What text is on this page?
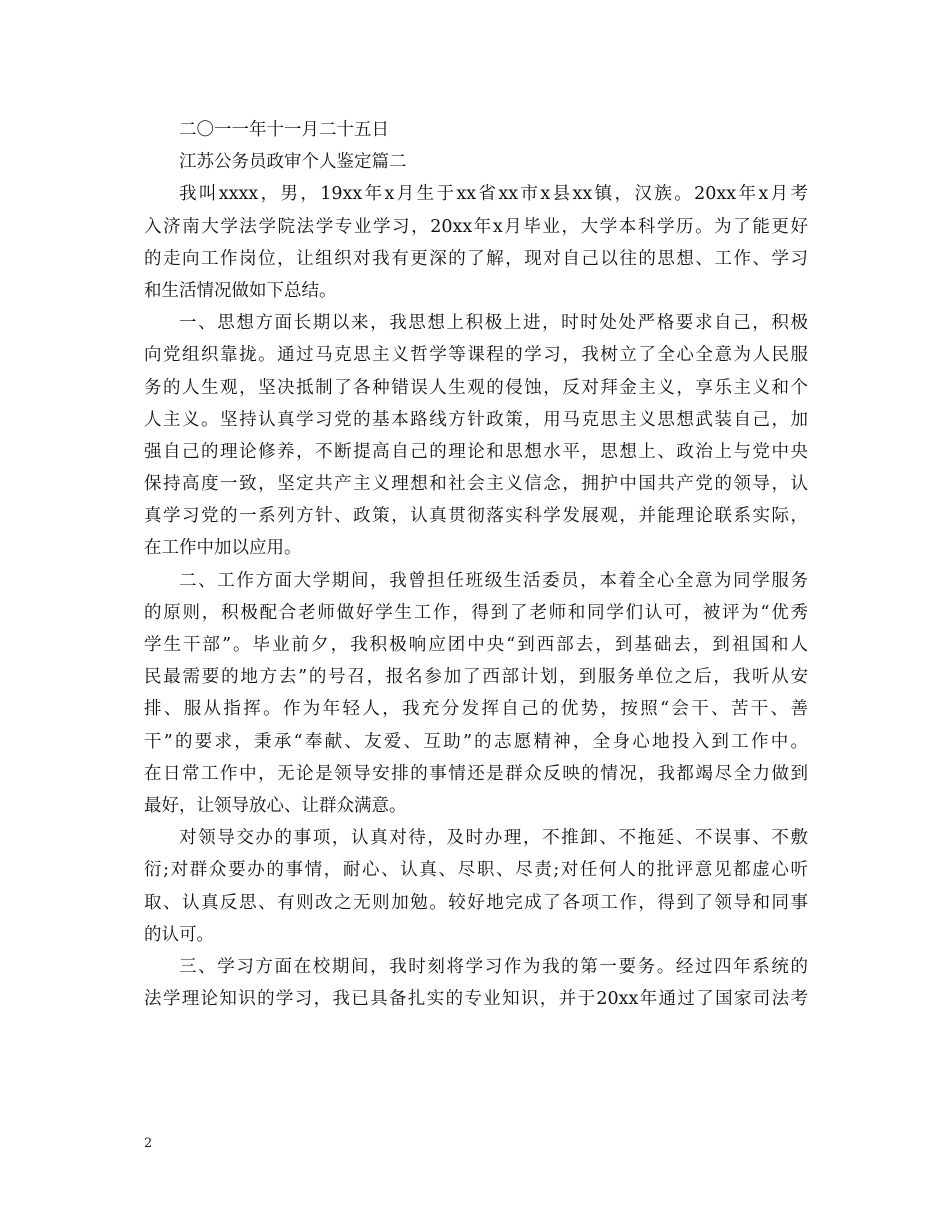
二〇一一年十一月二十五日

江苏公务员政审个人鉴定篇二

我叫xxxx，男，19xx年x月生于xx省xx市x县xx镇，汉族。20xx年x月考

入济南大学法学院法学专业学习，20xx年x月毕业，大学本科学历。为了能更好

的走向工作岗位，让组织对我有更深的了解，现对自己以往的思想、工作、学习

和生活情况做如下总结。

一、思想方面长期以来，我思想上积极上进，时时处处严格要求自己，积极

向党组织靠拢。通过马克思主义哲学等课程的学习，我树立了全心全意为人民服

务的人生观，坚决抵制了各种错误人生观的侵蚀，反对拜金主义，享乐主义和个

人主义。坚持认真学习党的基本路线方针政策，用马克思主义思想武装自己，加

强自己的理论修养，不断提高自己的理论和思想水平，思想上、政治上与党中央

保持高度一致，坚定共产主义理想和社会主义信念，拥护中国共产党的领导，认

真学习党的一系列方针、政策，认真贯彻落实科学发展观，并能理论联系实际，

在工作中加以应用。

二、工作方面大学期间，我曾担任班级生活委员，本着全心全意为同学服务

的原则，积极配合老师做好学生工作，得到了老师和同学们认可，被评为“优秀

学生干部”。毕业前夕，我积极响应团中央“到西部去，到基础去，到祖国和人

民最需要的地方去”的号召，报名参加了西部计划，到服务单位之后，我听从安

排、服从指挥。作为年轻人，我充分发挥自己的优势，按照“会干、苦干、善

干”的要求，秉承“奉献、友爱、互助”的志愿精神，全身心地投入到工作中。

在日常工作中，无论是领导安排的事情还是群众反映的情况，我都竭尽全力做到

最好，让领导放心、让群众满意。

对领导交办的事项，认真对待，及时办理，不推卸、不拖延、不误事、不敷

衍;对群众要办的事情，耐心、认真、尽职、尽责;对任何人的批评意见都虚心听

取、认真反思、有则改之无则加勉。较好地完成了各项工作，得到了领导和同事

的认可。

三、学习方面在校期间，我时刻将学习作为我的第一要务。经过四年系统的

法学理论知识的学习，我已具备扎实的专业知识，并于20xx年通过了国家司法考

2
